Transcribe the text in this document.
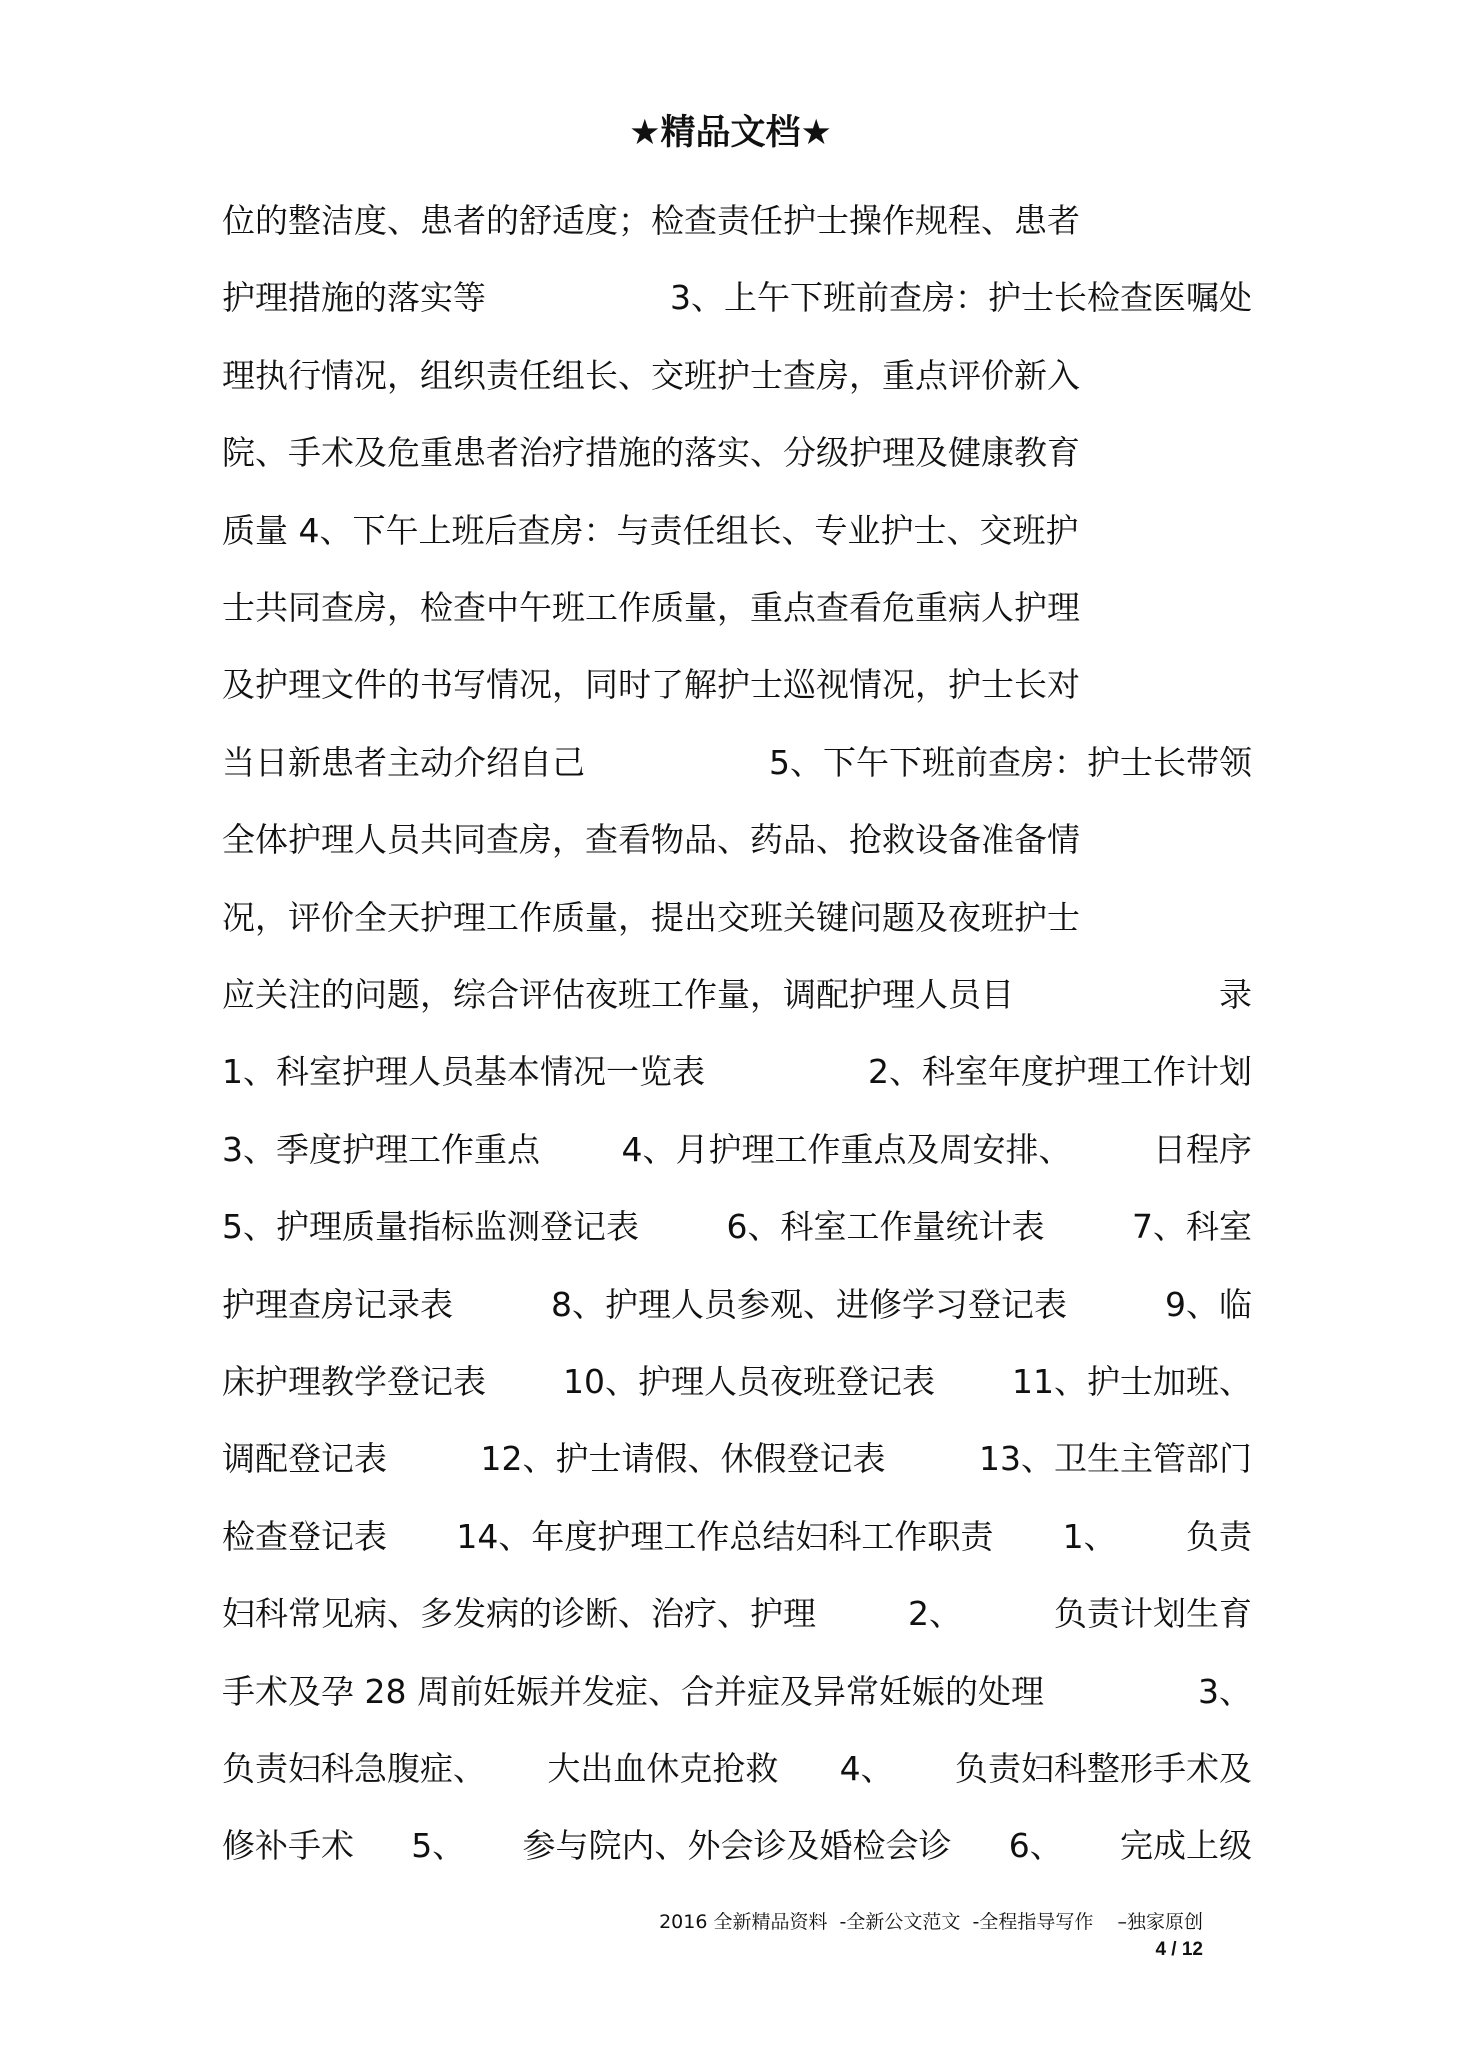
★精品文档★
位的整洁度、患者的舒适度；检查责任护士操作规程、患者
护理措施的落实等	3、上午下班前查房：护士长检查医嘱处
理执行情况，组织责任组长、交班护士查房，重点评价新入
院、手术及危重患者治疗措施的落实、分级护理及健康教育
质量 4、下午上班后查房：与责任组长、专业护士、交班护
士共同查房，检查中午班工作质量，重点查看危重病人护理
及护理文件的书写情况，同时了解护士巡视情况，护士长对
当日新患者主动介绍自己	5、下午下班前查房：护士长带领
全体护理人员共同查房，查看物品、药品、抢救设备准备情
况，评价全天护理工作质量，提出交班关键问题及夜班护士
应关注的问题，综合评估夜班工作量，调配护理人员目	录
1、科室护理人员基本情况一览表	2、科室年度护理工作计划
3、季度护理工作重点 4、月护理工作重点及周安排、 日程序
5、护理质量指标监测登记表	6、科室工作量统计表	7、科室
护理查房记录表	8、护理人员参观、进修学习登记表	9、临
床护理教学登记表 10、护理人员夜班登记表 11、护士加班、
调配登记表	12、护士请假、休假登记表	13、卫生主管部门
检查登记表 14、年度护理工作总结妇科工作职责 1、 负责
妇科常见病、多发病的诊断、治疗、护理	2、	负责计划生育
手术及孕 28 周前妊娠并发症、合并症及异常妊娠的处理	3、
负责妇科急腹症、 大出血休克抢救 4、 负责妇科整形手术及
修补手术 5、 参与院内、外会诊及婚检会诊 6、 完成上级
2016 全新精品资料  -全新公文范文  -全程指导写作    –独家原创
4 / 12
